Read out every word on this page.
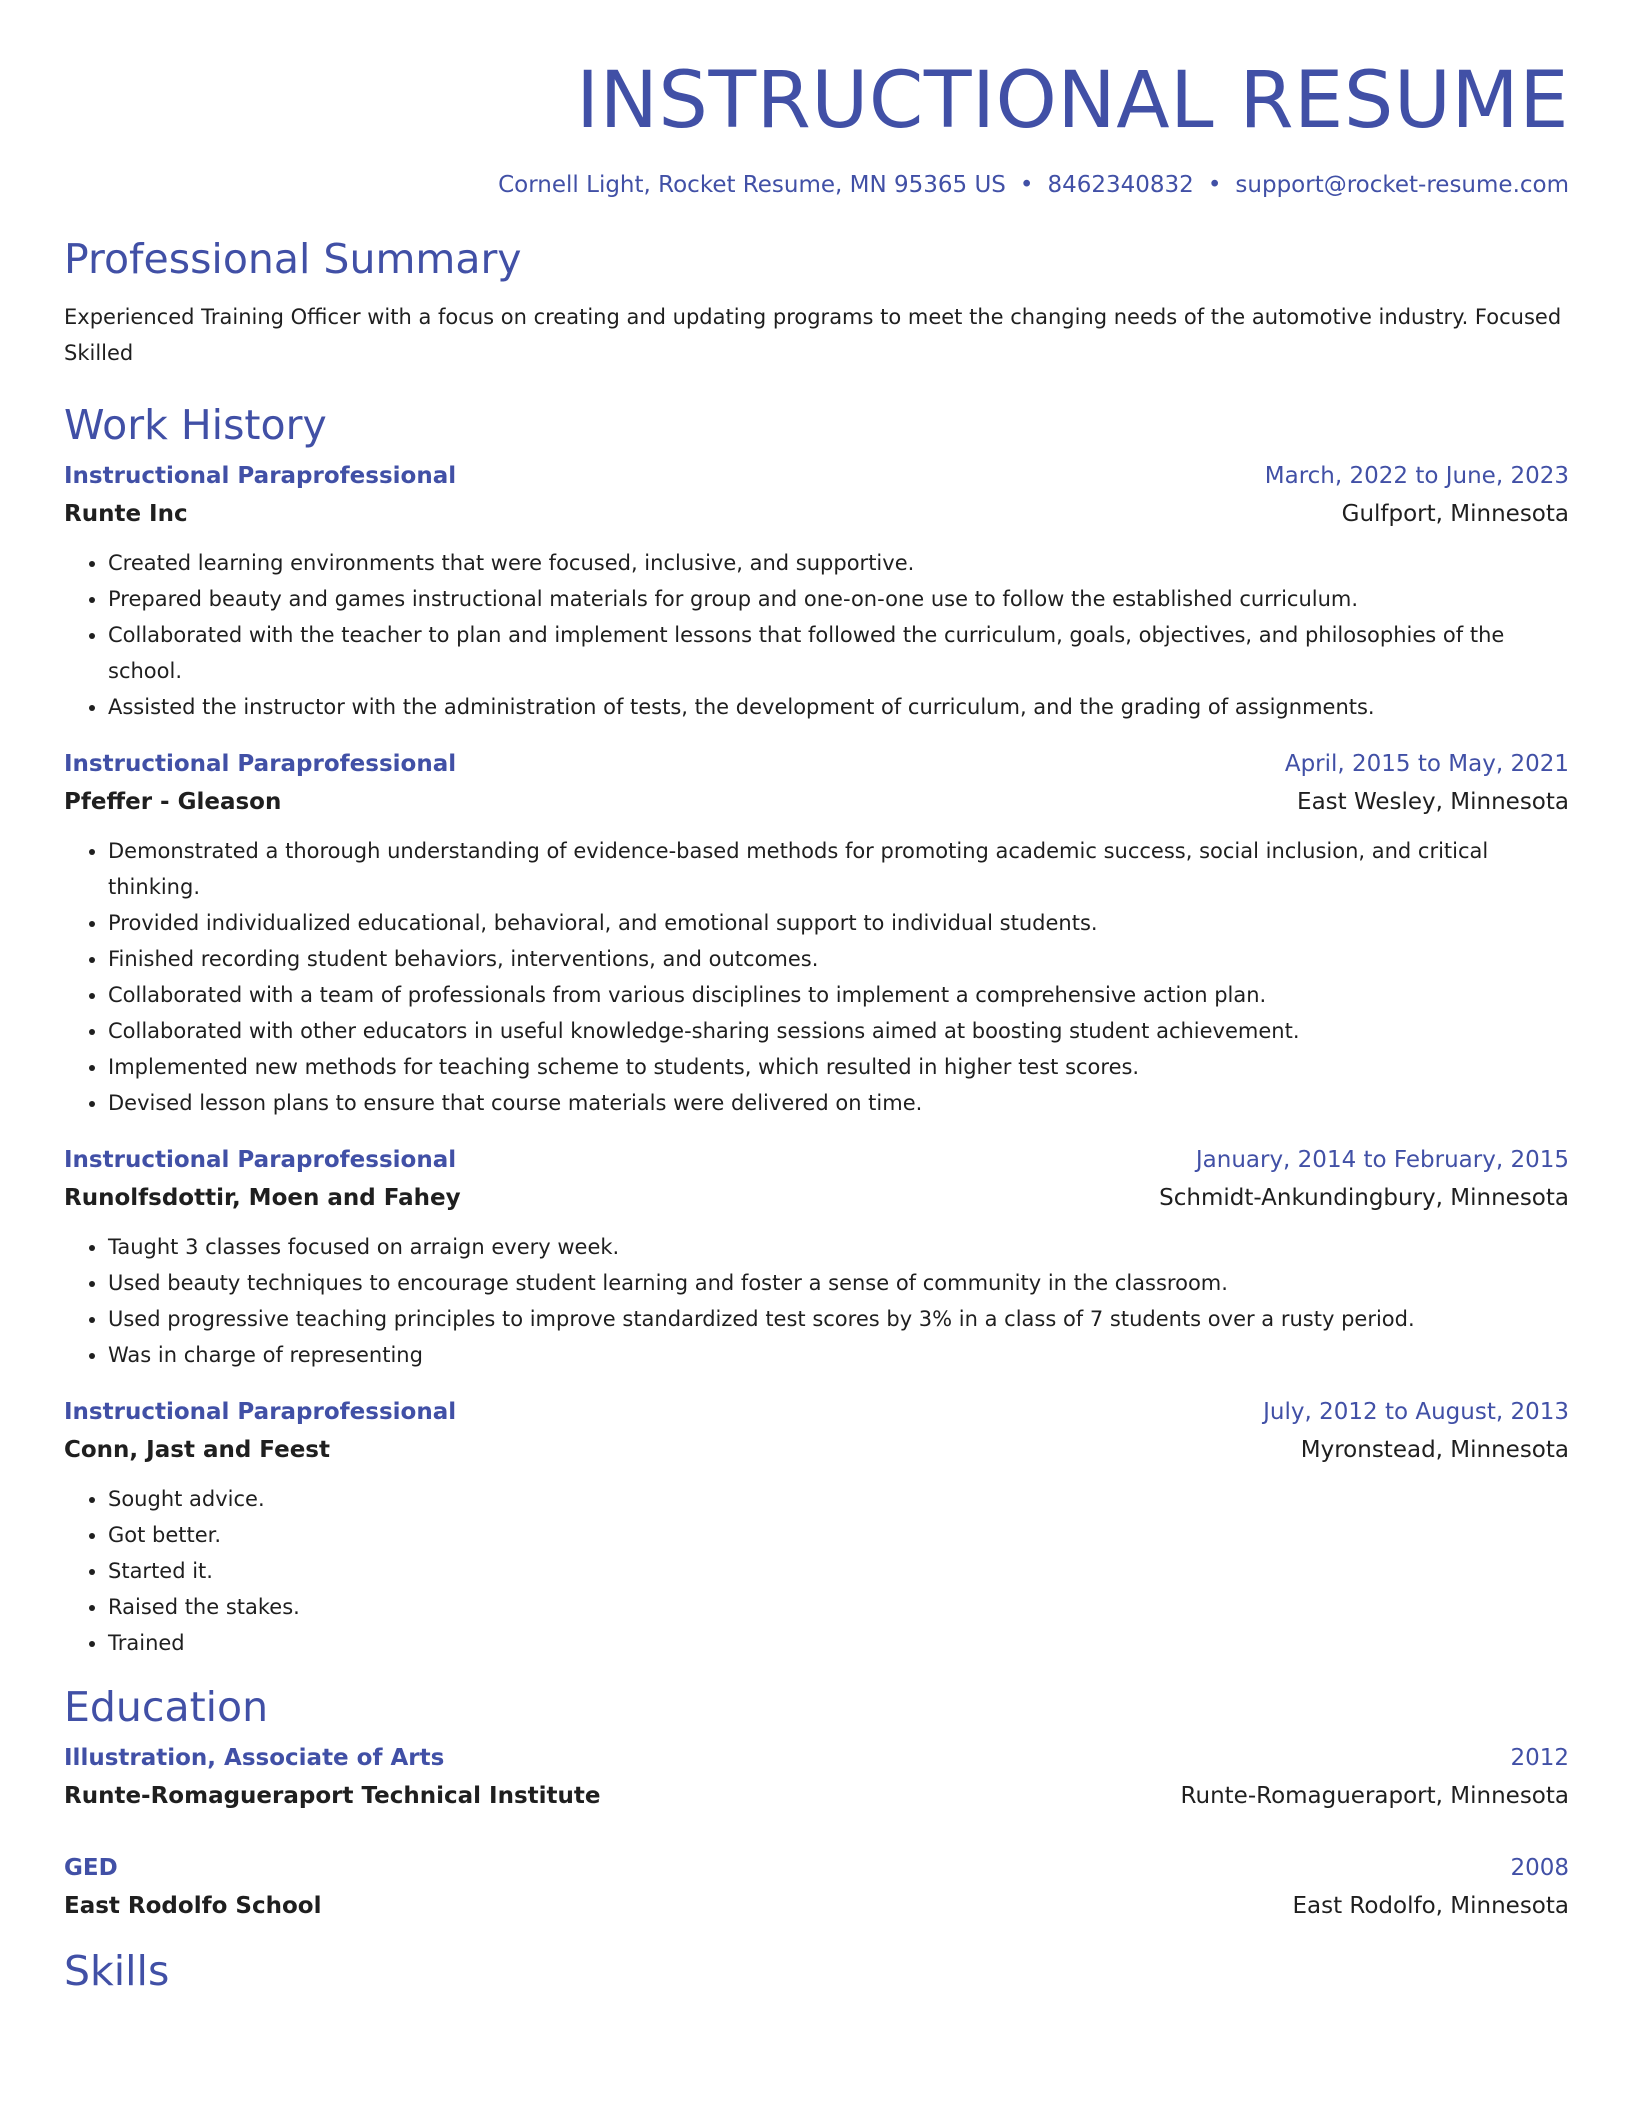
INSTRUCTIONAL RESUME
Cornell Light, Rocket Resume, MN 95365 US • 8462340832 • support@rocket-resume.com
Professional Summary
Experienced Training Officer with a focus on creating and updating programs to meet the changing needs of the automotive industry. Focused Skilled
Work History
Instructional Paraprofessional	March, 2022 to June, 2023
Runte Inc	Gulfport, Minnesota
• Created learning environments that were focused, inclusive, and supportive.
• Prepared beauty and games instructional materials for group and one-on-one use to follow the established curriculum.
• Collaborated with the teacher to plan and implement lessons that followed the curriculum, goals, objectives, and philosophies of the school.
• Assisted the instructor with the administration of tests, the development of curriculum, and the grading of assignments.
Instructional Paraprofessional	April, 2015 to May, 2021
Pfeffer - Gleason	East Wesley, Minnesota
• Demonstrated a thorough understanding of evidence-based methods for promoting academic success, social inclusion, and critical thinking.
• Provided individualized educational, behavioral, and emotional support to individual students.
• Finished recording student behaviors, interventions, and outcomes.
• Collaborated with a team of professionals from various disciplines to implement a comprehensive action plan.
• Collaborated with other educators in useful knowledge-sharing sessions aimed at boosting student achievement.
• Implemented new methods for teaching scheme to students, which resulted in higher test scores.
• Devised lesson plans to ensure that course materials were delivered on time.
Instructional Paraprofessional	January, 2014 to February, 2015
Runolfsdottir, Moen and Fahey	Schmidt-Ankundingbury, Minnesota
• Taught 3 classes focused on arraign every week.
• Used beauty techniques to encourage student learning and foster a sense of community in the classroom.
• Used progressive teaching principles to improve standardized test scores by 3% in a class of 7 students over a rusty period.
• Was in charge of representing
Instructional Paraprofessional	July, 2012 to August, 2013
Conn, Jast and Feest	Myronstead, Minnesota
• Sought advice.
• Got better.
• Started it.
• Raised the stakes.
• Trained
Education
Illustration, Associate of Arts	2012
Runte-Romagueraport Technical Institute	Runte-Romagueraport, Minnesota
GED	2008
East Rodolfo School	East Rodolfo, Minnesota
Skills
